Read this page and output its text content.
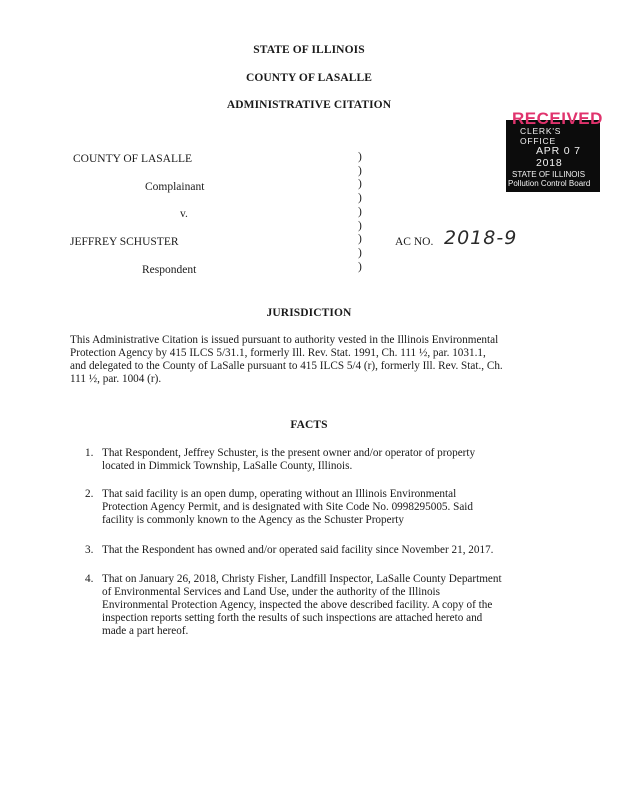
STATE OF ILLINOIS
COUNTY OF LASALLE
ADMINISTRATIVE CITATION
RECEIVED
CLERK'S OFFICE
APR 0 7 2018
STATE OF ILLINOIS
Pollution Control Board
COUNTY OF LASALLE
Complainant
v.
JEFFREY SCHUSTER
Respondent
)
)
)
)
)
)
)
)
)
AC NO. 2018-9
JURISDICTION
This Administrative Citation is issued pursuant to authority vested in the Illinois Environmental
Protection Agency by 415 ILCS 5/31.1, formerly Ill. Rev. Stat. 1991, Ch. 111 ½, par. 1031.1,
and delegated to the County of LaSalle pursuant to 415 ILCS 5/4 (r), formerly Ill. Rev. Stat., Ch.
111 ½, par. 1004 (r).
FACTS
1. That Respondent, Jeffrey Schuster, is the present owner and/or operator of property
located in Dimmick Township, LaSalle County, Illinois.
2. That said facility is an open dump, operating without an Illinois Environmental
Protection Agency Permit, and is designated with Site Code No. 0998295005. Said
facility is commonly known to the Agency as the Schuster Property
3. That the Respondent has owned and/or operated said facility since November 21, 2017.
4. That on January 26, 2018, Christy Fisher, Landfill Inspector, LaSalle County Department
of Environmental Services and Land Use, under the authority of the Illinois
Environmental Protection Agency, inspected the above described facility. A copy of the
inspection reports setting forth the results of such inspections are attached hereto and
made a part hereof.
